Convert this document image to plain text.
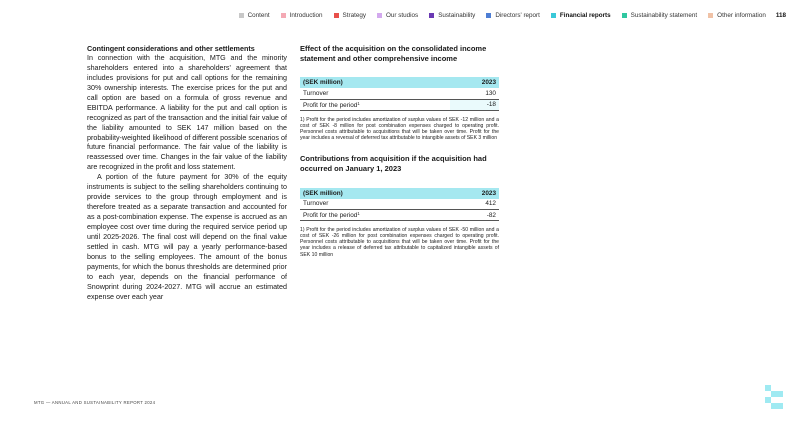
Content	Introduction	Strategy	Our studios	Sustainability	Directors' report	Financial reports	Sustainability statement	Other information 118
Contingent considerations and other settlements

In connection with the acquisition, MTG and the minority shareholders entered into a shareholders' agreement that includes provisions for put and call options for the remaining 30% ownership interests. The exercise prices for the put and call option are based on a formula of gross revenue and EBITDA performance. A liability for the put and call option is recognized as part of the transaction and the initial fair value of the liability amounted to SEK 147 million based on the probability-weighted likelihood of different possible scenarios of future financial performance. The fair value of the liability is reassessed over time. Changes in the fair value of the liability are recognized in the profit and loss statement.

A portion of the future payment for 30% of the equity instruments is subject to the selling shareholders continuing to provide services to the group through employment and is therefore treated as a separate transaction and accounted for as a post-combination expense. The expense is accrued as an employee cost over time during the required service period up until 2025-2026. The final cost will depend on the final value settled in cash. MTG will pay a yearly performance-based bonus to the selling employees. The amount of the bonus payments, for which the bonus thresholds are determined prior to each year, depends on the financial performance of Snowprint during 2024-2027. MTG will accrue an estimated expense over each year

Effect of the acquisition on the consolidated income statement and other comprehensive income
(SEK million)	2023
Turnover	130
Profit for the period$^1$	-18

1) Profit for the period includes amortization of surplus values of SEK -12 million and a cost of SEK -8 million for post combination expenses charged to operating profit. Personnel costs attributable to acquisitions that will be taken over time. Profit for the year includes a reversal of deferred tax attributable to intangible assets of SEK 3 million

Contributions from acquisition if the acquisition had occurred on January 1, 2023
(SEK million)	2023
Turnover	412
Profit for the period$^1$	-82

1) Profit for the period includes amortization of surplus values of SEK -50 million and a cost of SEK -26 million for post combination expenses charged to operating profit. Personnel costs attributable to acquisitions that will be taken over time. Profit for the year includes a release of deferred tax attributable to capitalized intangible assets of SEK 10 million

MTG — ANNUAL AND SUSTAINABILITY REPORT 2024
